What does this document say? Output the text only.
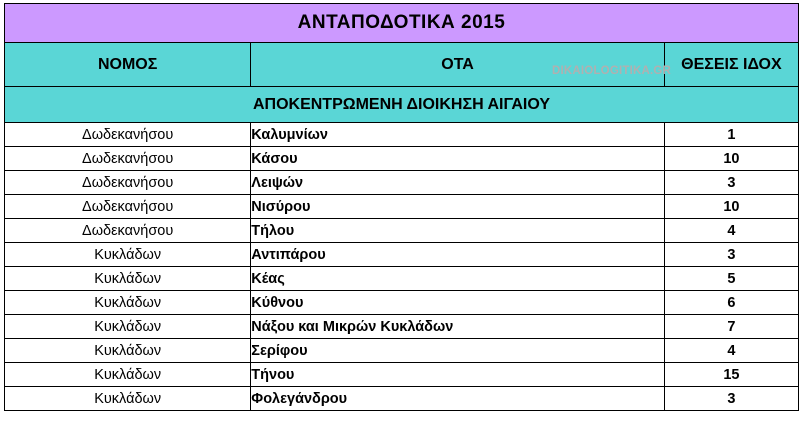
ΑΝΤΑΠΟΔΟΤΙΚΑ 2015		
ΝΟΜΟΣ	ΟΤΑ	ΘΕΣΕΙΣ ΙΔΟΧ
ΑΠΟΚΕΝΤΡΩΜΕΝΗ ΔΙΟΙΚΗΣΗ ΑΙΓΑΙΟΥ		
Δωδεκανήσου	Καλυμνίων	1
Δωδεκανήσου	Κάσου	10
Δωδεκανήσου	Λειψών	3
Δωδεκανήσου	Νισύρου	10
Δωδεκανήσου	Τήλου	4
Κυκλάδων	Αντιπάρου	3
Κυκλάδων	Κέας	5
Κυκλάδων	Κύθνου	6
Κυκλάδων	Νάξου και Μικρών Κυκλάδων	7
Κυκλάδων	Σερίφου	4
Κυκλάδων	Τήνου	15
Κυκλάδων	Φολεγάνδρου	3
DIKAIOLOGITIKA.GR
